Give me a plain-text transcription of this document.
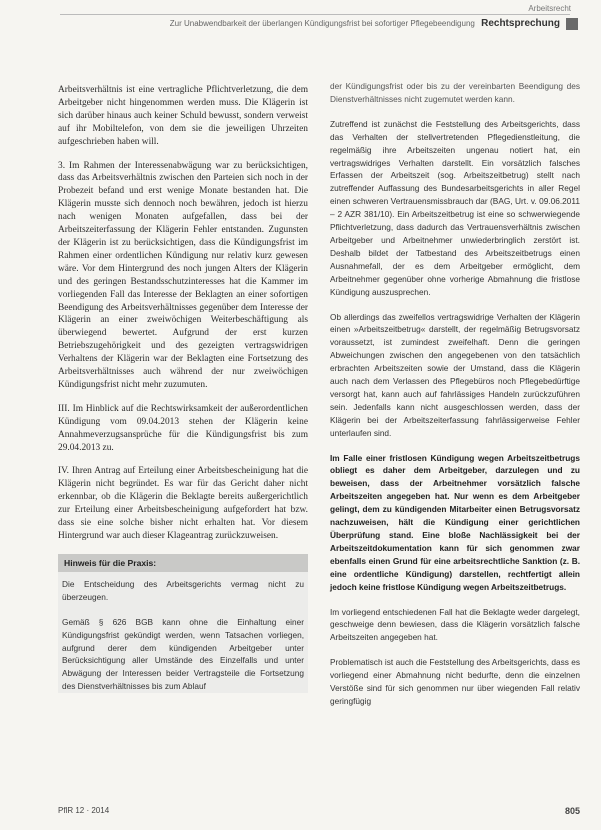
Arbeitsrecht
Zur Unabwendbarkeit der überlangen Kündigungsfrist bei sofortiger Pflegebeendigung Rechtsprechung

Arbeitsverhältnis ist eine vertragliche Pflichtverletzung, die dem Arbeitgeber nicht hingenommen werden muss. Die Klägerin ist sich darüber hinaus auch keiner Schuld bewusst, sondern verweist auf ihr Mobiltelefon, von dem sie die jeweiligen Uhrzeiten aufgeschrieben haben will.

3. Im Rahmen der Interessenabwägung war zu berücksichtigen, dass das Arbeitsverhältnis zwischen den Parteien sich noch in der Probezeit befand und erst wenige Monate bestanden hat. Die Klägerin musste sich dennoch noch bewähren, jedoch ist hierzu nach wenigen Monaten aufgefallen, dass bei der Arbeitszeiterfassung der Klägerin Fehler entstanden. Zugunsten der Klägerin ist zu berücksichtigen, dass die Kündigungsfrist im Rahmen einer ordentlichen Kündigung nur relativ kurz gewesen wäre. Vor dem Hintergrund des noch jungen Alters der Klägerin und des geringen Bestandsschutzinteresses hat die Kammer im vorliegenden Fall das Interesse der Beklagten an einer sofortigen Beendigung des Arbeitsverhältnisses gegenüber dem Interesse der Klägerin an einer zweiwöchigen Weiterbeschäftigung als überwiegend bewertet. Aufgrund der erst kurzen Betriebszugehörigkeit und des gezeigten vertragswidrigen Verhaltens der Klägerin war der Beklagten eine Fortsetzung des Arbeitsverhältnisses auch während der nur zweiwöchigen Kündigungsfrist nicht mehr zuzumuten.

III. Im Hinblick auf die Rechtswirksamkeit der außerordentlichen Kündigung vom 09.04.2013 stehen der Klägerin keine Annahmeverzugsansprüche für die Kündigungsfrist bis zum 29.04.2013 zu.

IV. Ihren Antrag auf Erteilung einer Arbeitsbescheinigung hat die Klägerin nicht begründet. Es war für das Gericht daher nicht erkennbar, ob die Klägerin die Beklagte bereits außergerichtlich zur Erteilung einer Arbeitsbescheinigung aufgefordert hat bzw. dass sie eine solche bisher nicht erhalten hat. Vor diesem Hintergrund war auch dieser Klageantrag zurückzuweisen.

Hinweis für die Praxis:

Die Entscheidung des Arbeitsgerichts vermag nicht zu überzeugen.

Gemäß § 626 BGB kann ohne die Einhaltung einer Kündigungsfrist gekündigt werden, wenn Tatsachen vorliegen, aufgrund derer dem kündigenden Arbeitgeber unter Berücksichtigung aller Umstände des Einzelfalls und unter Abwägung der Interessen beider Vertragsteile die Fortsetzung des Dienstverhältnisses bis zum Ablauf

der Kündigungsfrist oder bis zu der vereinbarten Beendigung des Dienstverhältnisses nicht zugemutet werden kann.

Zutreffend ist zunächst die Feststellung des Arbeitsgerichts, dass das Verhalten der stellvertretenden Pflegedienstleitung, die regelmäßig ihre Arbeitszeiten ungenau notiert hat, ein vertragswidriges Verhalten darstellt. Ein vorsätzlich falsches Erfassen der Arbeitszeit (sog. Arbeitszeitbetrug) stellt nach zutreffender Auffassung des Bundesarbeitsgerichts in aller Regel einen schweren Vertrauensmissbrauch dar (BAG, Urt. v. 09.06.2011 – 2 AZR 381/10). Ein Arbeitszeitbetrug ist eine so schwerwiegende Pflichtverletzung, dass dadurch das Vertrauensverhältnis zwischen Arbeitgeber und Arbeitnehmer unwiederbringlich zerstört ist. Deshalb bildet der Tatbestand des Arbeitszeitbetrugs einen Ausnahmefall, der es dem Arbeitgeber ermöglicht, dem Arbeitnehmer gegenüber ohne vorherige Abmahnung die fristlose Kündigung auszusprechen.

Ob allerdings das zweifellos vertragswidrige Verhalten der Klägerin einen »Arbeitszeitbetrug« darstellt, der regelmäßig Betrugsvorsatz voraussetzt, ist zumindest zweifelhaft. Denn die geringen Abweichungen zwischen den angegebenen von den tatsächlich erbrachten Arbeitszeiten sowie der Umstand, dass die Klägerin auch nach dem Verlassen des Pflegebüros noch Pflegebedürftige versorgt hat, kann auch auf fahrlässiges Handeln zurückzuführen sein. Jedenfalls kann nicht ausgeschlossen werden, dass der Klägerin bei der Arbeitszeiterfassung fahrlässigerweise Fehler unterlaufen sind.

Im Falle einer fristlosen Kündigung wegen Arbeitszeitbetrugs obliegt es daher dem Arbeitgeber, darzulegen und zu beweisen, dass der Arbeitnehmer vorsätzlich falsche Arbeitszeiten angegeben hat. Nur wenn es dem Arbeitgeber gelingt, dem zu kündigenden Mitarbeiter einen Betrugsvorsatz nachzuweisen, hält die Kündigung einer gerichtlichen Überprüfung stand. Eine bloße Nachlässigkeit bei der Arbeitszeitdokumentation kann für sich genommen zwar ebenfalls einen Grund für eine arbeitsrechtliche Sanktion (z. B. eine ordentliche Kündigung) darstellen, rechtfertigt allein jedoch keine fristlose Kündigung wegen Arbeitszeitbetrugs.

Im vorliegend entschiedenen Fall hat die Beklagte weder dargelegt, geschweige denn bewiesen, dass die Klägerin vorsätzlich falsche Arbeitszeiten angegeben hat.

Problematisch ist auch die Feststellung des Arbeitsgerichts, dass es vorliegend einer Abmahnung nicht bedurfte, denn die einzelnen Verstöße sind für sich genommen nur über wiegenden Fall relativ geringfügig

PflR 12 · 2014	805
